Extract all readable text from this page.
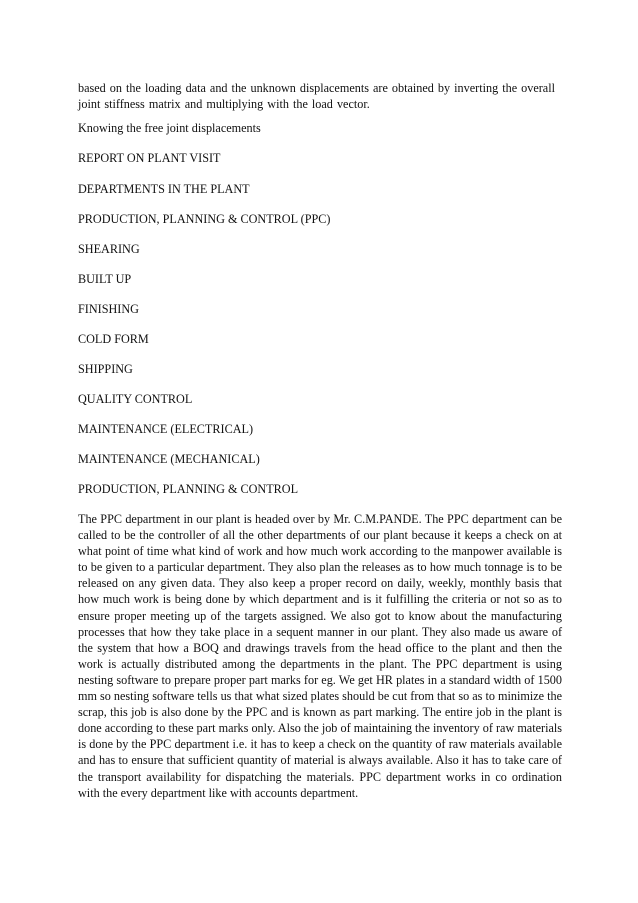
based on the loading data and the unknown displacements are obtained by inverting the overall joint stiffness matrix and multiplying with the load vector.

Knowing the free joint displacements

REPORT ON PLANT VISIT

DEPARTMENTS IN THE PLANT

PRODUCTION, PLANNING & CONTROL (PPC)

SHEARING

BUILT UP

FINISHING

COLD FORM

SHIPPING

QUALITY CONTROL

MAINTENANCE (ELECTRICAL)

MAINTENANCE (MECHANICAL)

PRODUCTION, PLANNING & CONTROL

The PPC department in our plant is headed over by Mr. C.M.PANDE. The PPC department can be called to be the controller of all the other departments of our plant because it keeps a check on at what point of time what kind of work and how much work according to the manpower available is to be given to a particular department. They also plan the releases as to how much tonnage is to be released on any given data. They also keep a proper record on daily, weekly, monthly basis that how much work is being done by which department and is it fulfilling the criteria or not so as to ensure proper meeting up of the targets assigned. We also got to know about the manufacturing processes that how they take place in a sequent manner in our plant. They also made us aware of the system that how a BOQ and drawings travels from the head office to the plant and then the work is actually distributed among the departments in the plant. The PPC department is using nesting software to prepare proper part marks for eg. We get HR plates in a standard width of 1500 mm so nesting software tells us that what sized plates should be cut from that so as to minimize the scrap, this job is also done by the PPC and is known as part marking. The entire job in the plant is done according to these part marks only. Also the job of maintaining the inventory of raw materials is done by the PPC department i.e. it has to keep a check on the quantity of raw materials available and has to ensure that sufficient quantity of material is always available. Also it has to take care of the transport availability for dispatching the materials. PPC department works in co ordination with the every department like with accounts department.
